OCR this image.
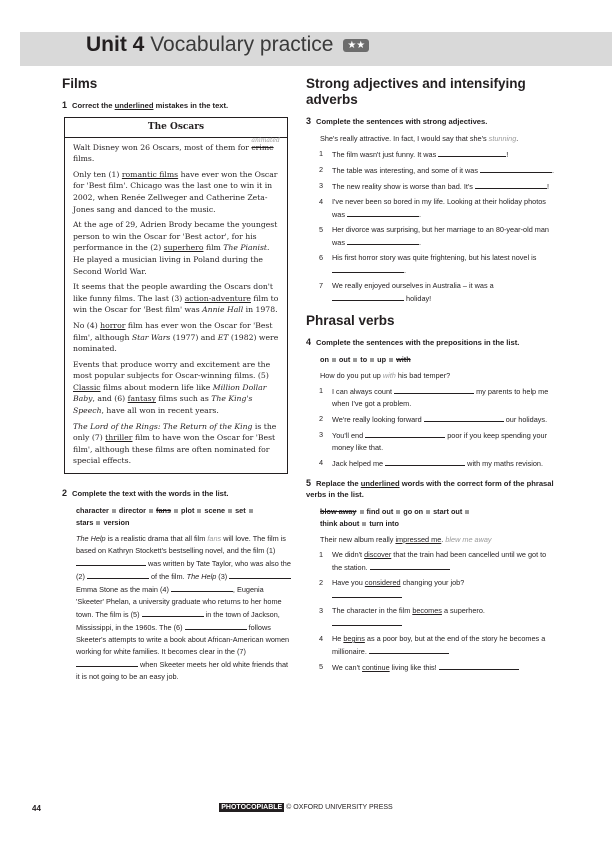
Unit 4 Vocabulary practice ★★
Films
1 Correct the underlined mistakes in the text.
The Oscars

Walt Disney won 26 Oscars, most of them for
animated
crime films.

Only ten (1) romantic films have ever won the Oscar for 'Best film'. Chicago was the last one to win it in 2002, when Renée Zellweger and Catherine Zeta-Jones sang and danced to the music.

At the age of 29, Adrien Brody became the youngest person to win the Oscar for 'Best actor', for his performance in the (2) superhero film The Pianist. He played a musician living in Poland during the Second World War.

It seems that the people awarding the Oscars don't like funny films. The last (3) action-adventure film to win the Oscar for 'Best film' was Annie Hall in 1978.

No (4) horror film has ever won the Oscar for 'Best film', although Star Wars (1977) and ET (1982) were nominated.

Events that produce worry and excitement are the most popular subjects for Oscar-winning films. (5) Classic films about modern life like Million Dollar Baby, and (6) fantasy films such as The King's Speech, have all won in recent years.

The Lord of the Rings: The Return of the King is the only (7) thriller film to have won the Oscar for 'Best film', although these films are often nominated for special effects.

2 Complete the text with the words in the list.
character director fans plot scene set
stars version
The Help is a realistic drama that all film fans will love. The film is based on Kathryn Stockett's bestselling novel, and the film (1)  was written by Tate Taylor, who was also the (2)	of the film. The Help (3)  Emma Stone as the main (4)	, Eugenia 'Skeeter' Phelan, a university graduate who returns to her home town. The film is (5)	in the town of Jackson, Mississippi, in the 1960s. The (6)	follows Skeeter's attempts to write a book about African-American women working for white families. It becomes clear in the (7)  when Skeeter meets her old white friends that it is not going to be an easy job.
Strong adjectives and intensifying adverbs
3 Complete the sentences with strong adjectives.
She's really attractive. In fact, I would say that she's stunning.
1 The film wasn't just funny. It was	!
2 The table was interesting, and some of it was	.
3 The new reality show is worse than bad. It's	!
4 I've never been so bored in my life. Looking at their holiday photos was	.
5 Her divorce was surprising, but her marriage to an 80-year-old man was	.
6 His first horror story was quite frightening, but his latest novel is .
7 We really enjoyed ourselves in Australia – it was a  holiday!
Phrasal verbs
4 Complete the sentences with the prepositions in the list.
on out to up with
How do you put up with his bad temper?
1 I can always count	my parents to help me when I've got a problem.
2 We're really looking forward	our holidays.
3 You'll end	poor if you keep spending your money like that.
4 Jack helped me	with my maths revision.
5 Replace the underlined words with the correct form of the phrasal verbs in the list.
blow away find out go on start out
think about turn into
Their new album really impressed me. blew me away
1 We didn't discover that the train had been cancelled until we got to the station.
2 Have you considered changing your job?

3 The character in the film becomes a superhero.

4 He begins as a poor boy, but at the end of the story he becomes a millionaire.
5 We can't continue living like this!
44	PHOTOCOPIABLE © OXFORD UNIVERSITY PRESS
